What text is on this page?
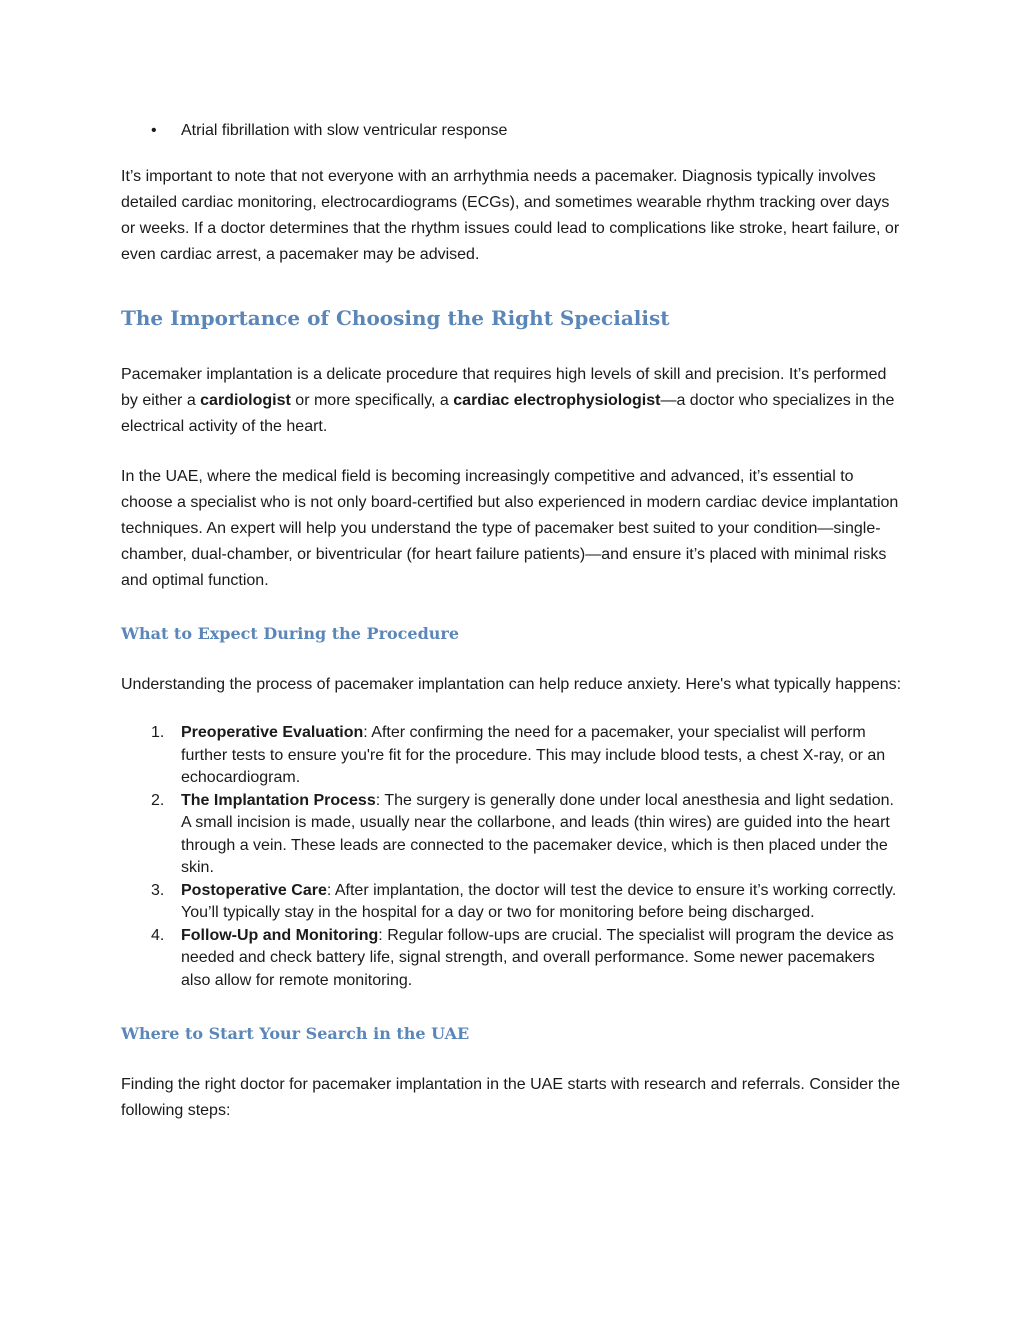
• Atrial fibrillation with slow ventricular response

It’s important to note that not everyone with an arrhythmia needs a pacemaker. Diagnosis typically involves detailed cardiac monitoring, electrocardiograms (ECGs), and sometimes wearable rhythm tracking over days or weeks. If a doctor determines that the rhythm issues could lead to complications like stroke, heart failure, or even cardiac arrest, a pacemaker may be advised.

The Importance of Choosing the Right Specialist

Pacemaker implantation is a delicate procedure that requires high levels of skill and precision. It’s performed by either a cardiologist or more specifically, a cardiac electrophysiologist—a doctor who specializes in the electrical activity of the heart.

In the UAE, where the medical field is becoming increasingly competitive and advanced, it’s essential to choose a specialist who is not only board-certified but also experienced in modern cardiac device implantation techniques. An expert will help you understand the type of pacemaker best suited to your condition—single-chamber, dual-chamber, or biventricular (for heart failure patients)—and ensure it’s placed with minimal risks and optimal function.

What to Expect During the Procedure

Understanding the process of pacemaker implantation can help reduce anxiety. Here's what typically happens:

1. Preoperative Evaluation: After confirming the need for a pacemaker, your specialist will perform further tests to ensure you're fit for the procedure. This may include blood tests, a chest X-ray, or an echocardiogram.
2. The Implantation Process: The surgery is generally done under local anesthesia and light sedation. A small incision is made, usually near the collarbone, and leads (thin wires) are guided into the heart through a vein. These leads are connected to the pacemaker device, which is then placed under the skin.
3. Postoperative Care: After implantation, the doctor will test the device to ensure it’s working correctly. You’ll typically stay in the hospital for a day or two for monitoring before being discharged.
4. Follow-Up and Monitoring: Regular follow-ups are crucial. The specialist will program the device as needed and check battery life, signal strength, and overall performance. Some newer pacemakers also allow for remote monitoring.
Where to Start Your Search in the UAE

Finding the right doctor for pacemaker implantation in the UAE starts with research and referrals. Consider the following steps:
